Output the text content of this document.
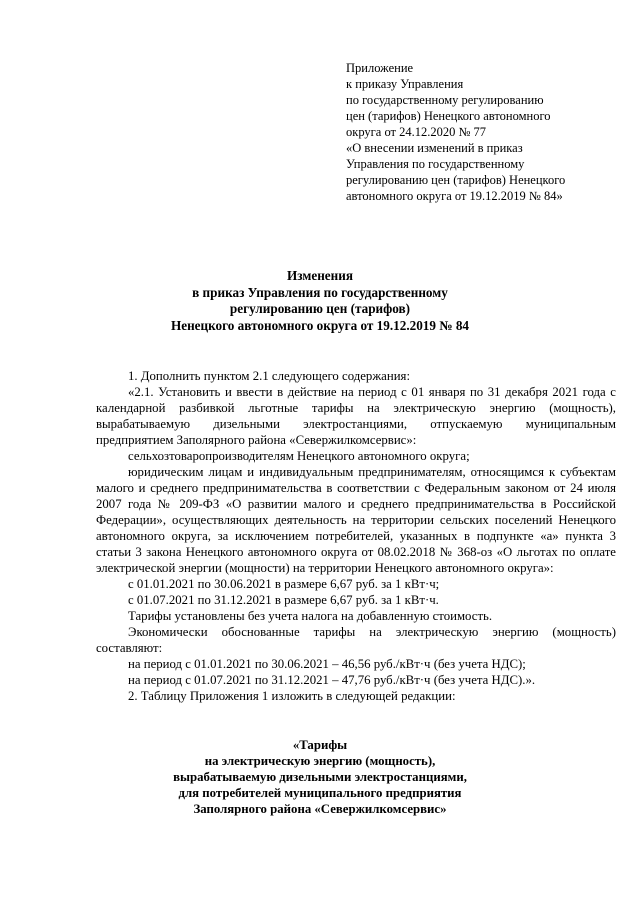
Приложение
к приказу Управления
по государственному регулированию
цен (тарифов) Ненецкого автономного
округа от 24.12.2020 № 77
«О внесении изменений в приказ
Управления по государственному
регулированию цен (тарифов) Ненецкого
автономного округа от 19.12.2019 № 84»
Изменения
в приказ Управления по государственному
регулированию цен (тарифов)
Ненецкого автономного округа от 19.12.2019 № 84
1. Дополнить пунктом 2.1 следующего содержания:
«2.1. Установить и ввести в действие на период с 01 января по 31 декабря 2021 года с календарной разбивкой льготные тарифы на электрическую энергию (мощность), вырабатываемую дизельными электростанциями, отпускаемую муниципальным предприятием Заполярного района «Севержилкомсервис»:
сельхозтоваропроизводителям Ненецкого автономного округа;
юридическим лицам и индивидуальным предпринимателям, относящимся к субъектам малого и среднего предпринимательства в соответствии с Федеральным законом от 24 июля 2007 года № 209-ФЗ «О развитии малого и среднего предпринимательства в Российской Федерации», осуществляющих деятельность на территории сельских поселений Ненецкого автономного округа, за исключением потребителей, указанных в подпункте «а» пункта 3 статьи 3 закона Ненецкого автономного округа от 08.02.2018 № 368-оз «О льготах по оплате электрической энергии (мощности) на территории Ненецкого автономного округа»:
с 01.01.2021 по 30.06.2021 в размере 6,67 руб. за 1 кВт·ч;
с 01.07.2021 по 31.12.2021 в размере 6,67 руб. за 1 кВт·ч.
Тарифы установлены без учета налога на добавленную стоимость.
Экономически обоснованные тарифы на электрическую энергию (мощность) составляют:
на период с 01.01.2021 по 30.06.2021 – 46,56 руб./кВт·ч (без учета НДС);
на период с 01.07.2021 по 31.12.2021 – 47,76 руб./кВт·ч (без учета НДС).».
2. Таблицу Приложения 1 изложить в следующей редакции:
«Тарифы
на электрическую энергию (мощность),
вырабатываемую дизельными электростанциями,
для потребителей муниципального предприятия
Заполярного района «Севержилкомсервис»
